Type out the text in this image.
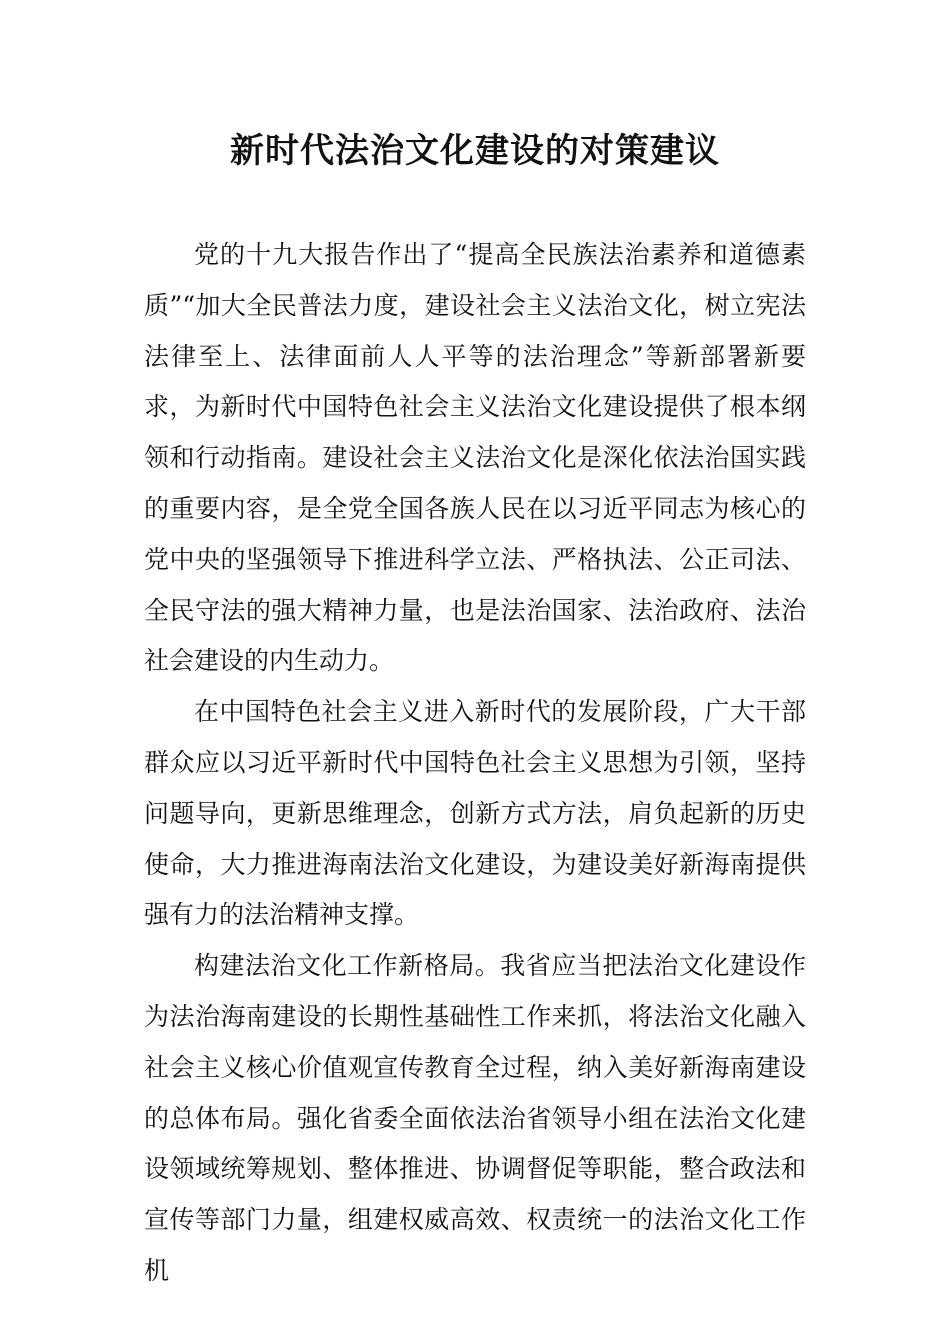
新时代法治文化建设的对策建议

党的十九大报告作出了“提高全民族法治素养和道德素质”“加大全民普法力度，建设社会主义法治文化，树立宪法法律至上、法律面前人人平等的法治理念”等新部署新要求，为新时代中国特色社会主义法治文化建设提供了根本纲领和行动指南。建设社会主义法治文化是深化依法治国实践的重要内容，是全党全国各族人民在以习近平同志为核心的党中央的坚强领导下推进科学立法、严格执法、公正司法、全民守法的强大精神力量，也是法治国家、法治政府、法治社会建设的内生动力。

在中国特色社会主义进入新时代的发展阶段，广大干部群众应以习近平新时代中国特色社会主义思想为引领，坚持问题导向，更新思维理念，创新方式方法，肩负起新的历史使命，大力推进海南法治文化建设，为建设美好新海南提供强有力的法治精神支撑。

构建法治文化工作新格局。我省应当把法治文化建设作为法治海南建设的长期性基础性工作来抓，将法治文化融入社会主义核心价值观宣传教育全过程，纳入美好新海南建设的总体布局。强化省委全面依法治省领导小组在法治文化建设领域统筹规划、整体推进、协调督促等职能，整合政法和宣传等部门力量，组建权威高效、权责统一的法治文化工作机
